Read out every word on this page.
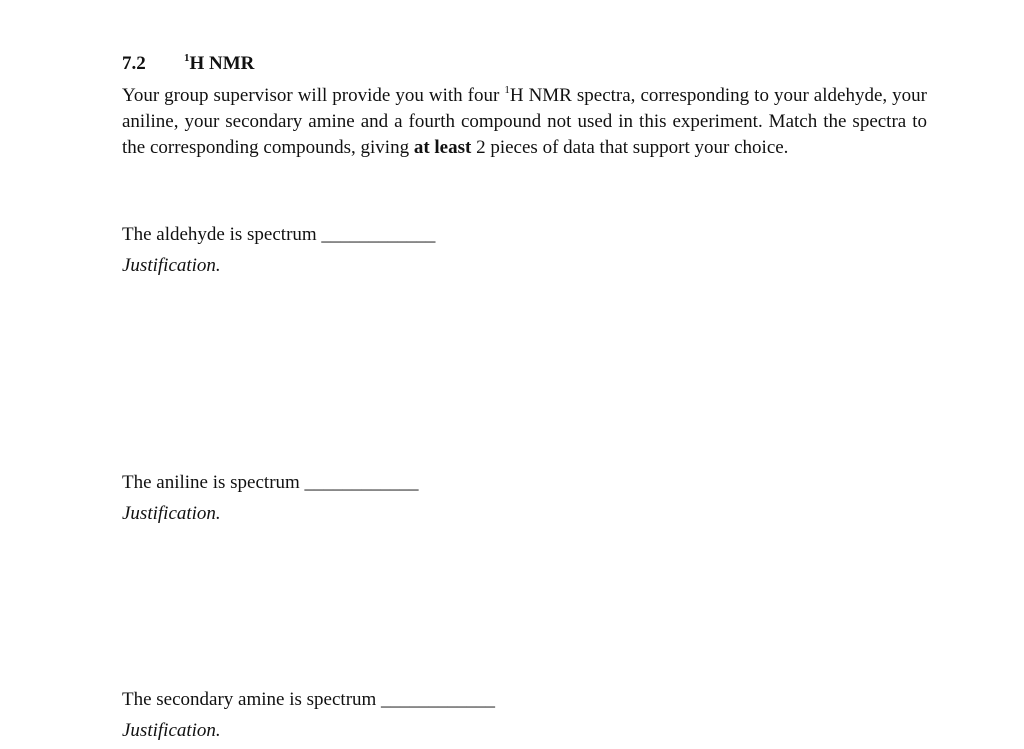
7.2	$^1$H NMR
Your group supervisor will provide you with four $^1$H NMR spectra, corresponding to your aldehyde, your aniline, your secondary amine and a fourth compound not used in this experiment. Match the spectra to the corresponding compounds, giving at least 2 pieces of data that support your choice.
The aldehyde is spectrum ____________
Justification.
The aniline is spectrum ____________
Justification.
The secondary amine is spectrum ____________
Justification.
